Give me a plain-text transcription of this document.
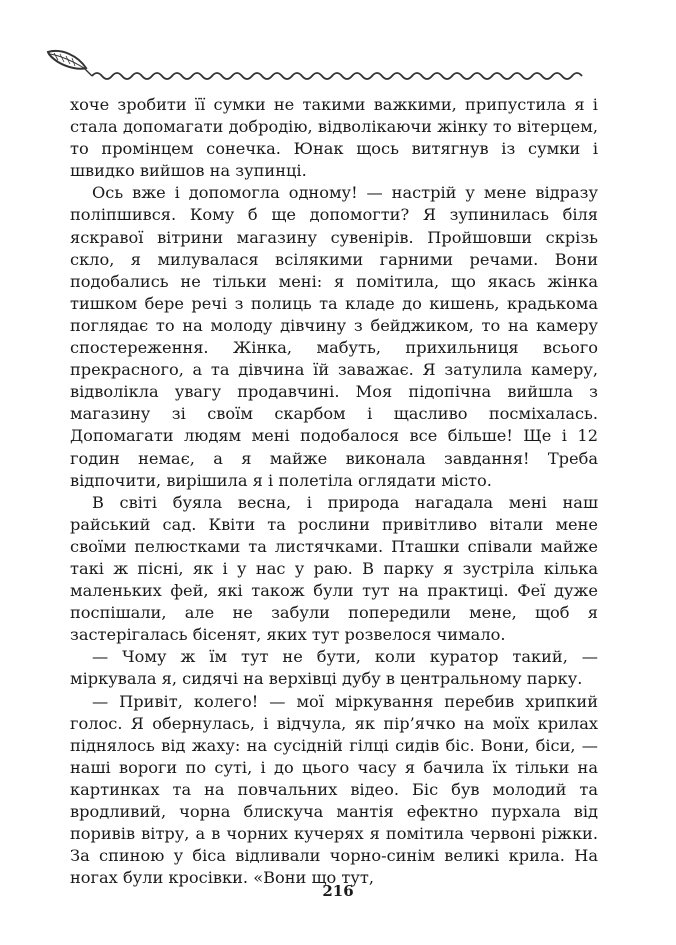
хоче зробити її сумки не такими важкими, припустила я і стала допомагати добродію, відволікаючи жінку то вітерцем, то промінцем сонечка. Юнак щось витягнув із сумки і швидко вийшов на зупинці.

Ось вже і допомогла одному! — настрій у мене відразу поліпшився. Кому б ще допомогти? Я зупинилась біля яскравої вітрини магазину сувенірів. Пройшовши скрізь скло, я милувалася всілякими гарними речами. Вони подобались не тільки мені: я помітила, що якась жінка тишком бере речі з полиць та кладе до кишень, крадькома поглядає то на молоду дівчину з бейджиком, то на камеру спостереження. Жінка, мабуть, прихильниця всього прекрасного, а та дівчина їй заважає. Я затулила камеру, відволікла увагу продавчині. Моя підопічна вийшла з магазину зі своїм скарбом і щасливо посміхалась. Допомагати людям мені подобалося все більше! Ще і 12 годин немає, а я майже виконала завдання! Треба відпочити, вирішила я і полетіла оглядати місто.

В світі буяла весна, і природа нагадала мені наш райський сад. Квіти та рослини привітливо вітали мене своїми пелюстками та листячками. Пташки співали майже такі ж пісні, як і у нас у раю. В парку я зустріла кілька маленьких фей, які також були тут на практиці. Феї дуже поспішали, але не забули попередили мене, щоб я застерігалась бісенят, яких тут розвелося чимало.

— Чому ж їм тут не бути, коли куратор такий, — міркувала я, сидячі на верхівці дубу в центральному парку.

— Привіт, колего! — мої міркування перебив хрипкий голос. Я обернулась, і відчула, як пір’ячко на моїх крилах піднялось від жаху: на сусідній гілці сидів біс. Вони, біси, — наші вороги по суті, і до цього часу я бачила їх тільки на картинках та на повчальних відео. Біс був молодий та вродливий, чорна блискуча мантія ефектно пурхала від поривів вітру, а в чорних кучерях я помітила червоні ріжки. За спиною у біса відливали чорно-синім великі крила. На ногах були кросівки. «Вони що тут,

216
